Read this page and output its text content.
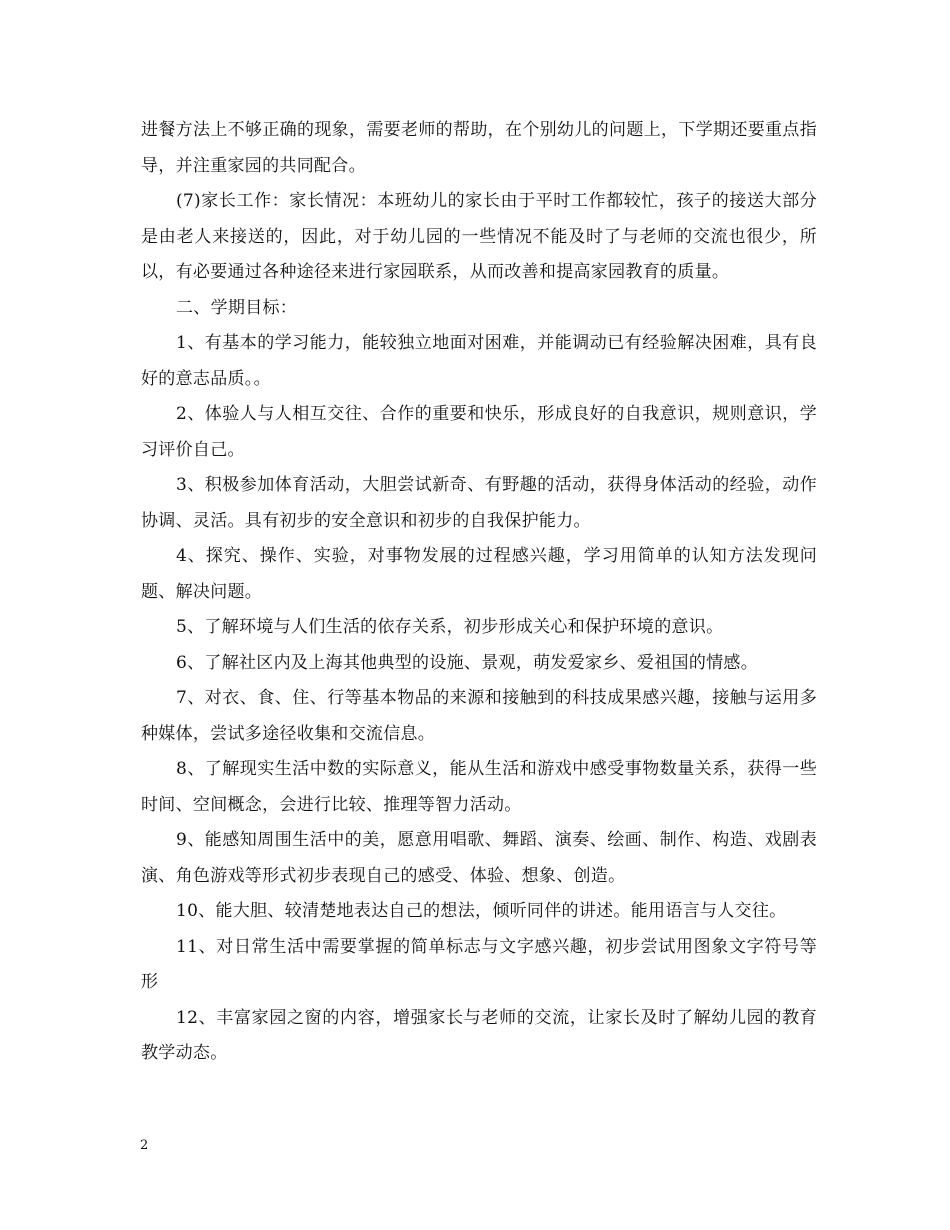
进餐方法上不够正确的现象，需要老师的帮助，在个别幼儿的问题上，下学期还要重点指导，并注重家园的共同配合。

(7)家长工作：家长情况：本班幼儿的家长由于平时工作都较忙，孩子的接送大部分是由老人来接送的，因此，对于幼儿园的一些情况不能及时了与老师的交流也很少，所以，有必要通过各种途径来进行家园联系，从而改善和提高家园教育的质量。

二、学期目标：

1、有基本的学习能力，能较独立地面对困难，并能调动已有经验解决困难，具有良好的意志品质。。

2、体验人与人相互交往、合作的重要和快乐，形成良好的自我意识，规则意识，学习评价自己。

3、积极参加体育活动，大胆尝试新奇、有野趣的活动，获得身体活动的经验，动作协调、灵活。具有初步的安全意识和初步的自我保护能力。

4、探究、操作、实验，对事物发展的过程感兴趣，学习用简单的认知方法发现问题、解决问题。

5、了解环境与人们生活的依存关系，初步形成关心和保护环境的意识。

6、了解社区内及上海其他典型的设施、景观，萌发爱家乡、爱祖国的情感。

7、对衣、食、住、行等基本物品的来源和接触到的科技成果感兴趣，接触与运用多种媒体，尝试多途径收集和交流信息。

8、了解现实生活中数的实际意义，能从生活和游戏中感受事物数量关系，获得一些时间、空间概念，会进行比较、推理等智力活动。

9、能感知周围生活中的美，愿意用唱歌、舞蹈、演奏、绘画、制作、构造、戏剧表演、角色游戏等形式初步表现自己的感受、体验、想象、创造。

10、能大胆、较清楚地表达自己的想法，倾听同伴的讲述。能用语言与人交往。

11、对日常生活中需要掌握的简单标志与文字感兴趣，初步尝试用图象文字符号等形

12、丰富家园之窗的内容，增强家长与老师的交流，让家长及时了解幼儿园的教育教学动态。

2
